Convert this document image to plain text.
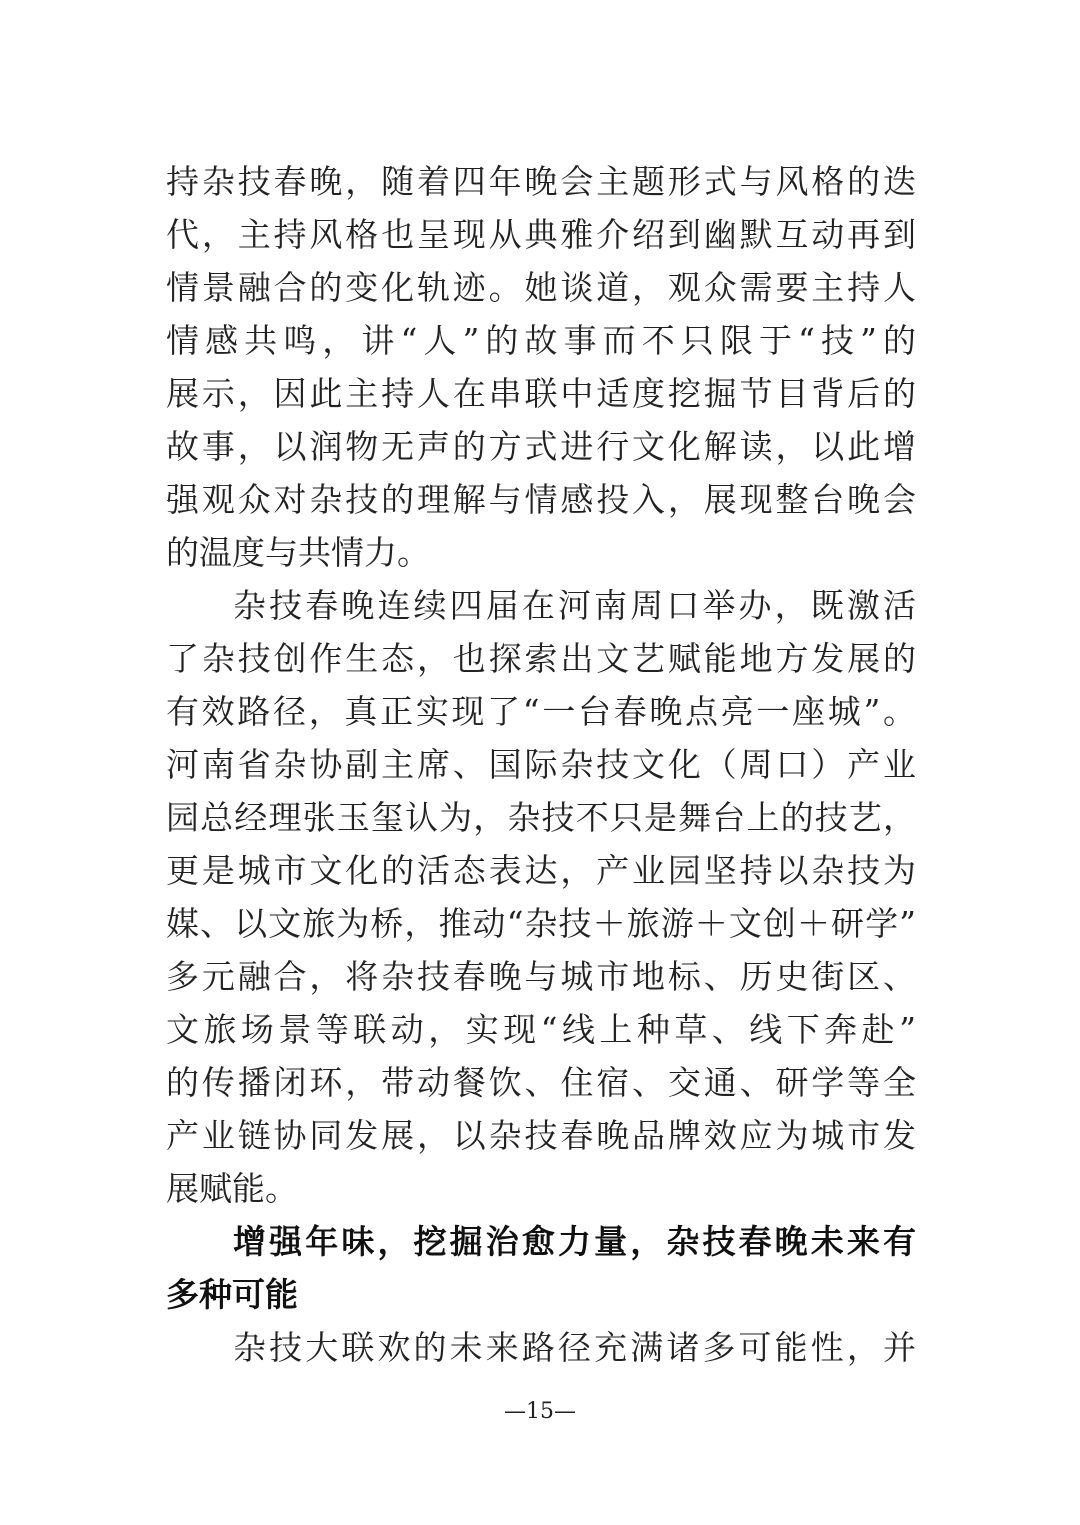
持杂技春晚，随着四年晚会主题形式与风格的迭
代，主持风格也呈现从典雅介绍到幽默互动再到
情景融合的变化轨迹。她谈道，观众需要主持人
情感共鸣，讲“人”的故事而不只限于“技”的
展示，因此主持人在串联中适度挖掘节目背后的
故事，以润物无声的方式进行文化解读，以此增
强观众对杂技的理解与情感投入，展现整台晚会
的温度与共情力。
杂技春晚连续四届在河南周口举办，既激活
了杂技创作生态，也探索出文艺赋能地方发展的
有效路径，真正实现了“一台春晚点亮一座城”。
河南省杂协副主席、国际杂技文化（周口）产业
园总经理张玉玺认为，杂技不只是舞台上的技艺，
更是城市文化的活态表达，产业园坚持以杂技为
媒、以文旅为桥，推动“杂技＋旅游＋文创＋研学”
多元融合，将杂技春晚与城市地标、历史街区、
文旅场景等联动，实现“线上种草、线下奔赴”
的传播闭环，带动餐饮、住宿、交通、研学等全
产业链协同发展，以杂技春晚品牌效应为城市发
展赋能。
增强年味，挖掘治愈力量，杂技春晚未来有
多种可能
杂技大联欢的未来路径充满诸多可能性，并
—15—
